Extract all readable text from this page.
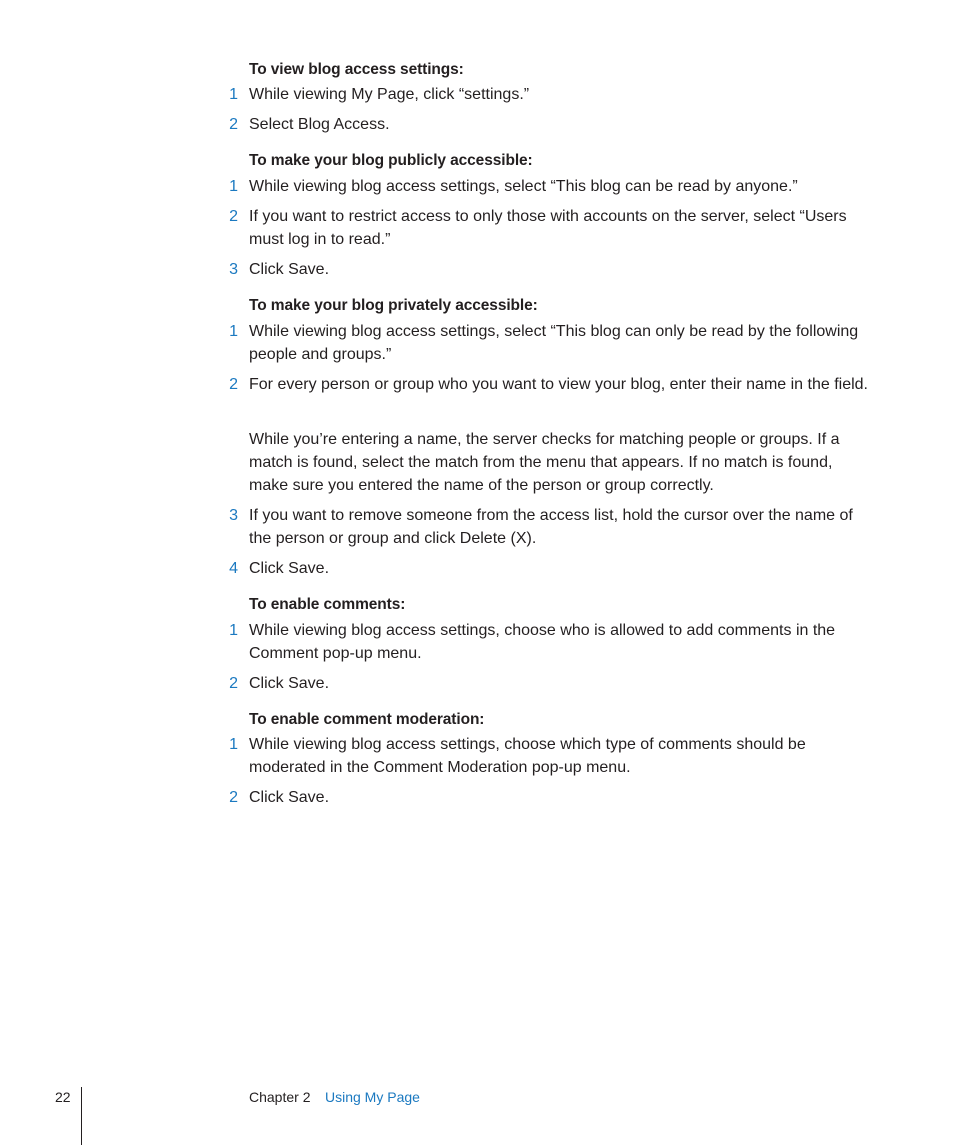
To view blog access settings:
1 While viewing My Page, click “settings.”
2 Select Blog Access.
To make your blog publicly accessible:
1 While viewing blog access settings, select “This blog can be read by anyone.”
2 If you want to restrict access to only those with accounts on the server, select “Users must log in to read.”
3 Click Save.
To make your blog privately accessible:
1 While viewing blog access settings, select “This blog can only be read by the following people and groups.”
2 For every person or group who you want to view your blog, enter their name in the field.
While you’re entering a name, the server checks for matching people or groups. If a match is found, select the match from the menu that appears. If no match is found, make sure you entered the name of the person or group correctly.
3 If you want to remove someone from the access list, hold the cursor over the name of the person or group and click Delete (X).
4 Click Save.
To enable comments:
1 While viewing blog access settings, choose who is allowed to add comments in the Comment pop-up menu.
2 Click Save.
To enable comment moderation:
1 While viewing blog access settings, choose which type of comments should be moderated in the Comment Moderation pop-up menu.
2 Click Save.
22	Chapter 2 Using My Page
